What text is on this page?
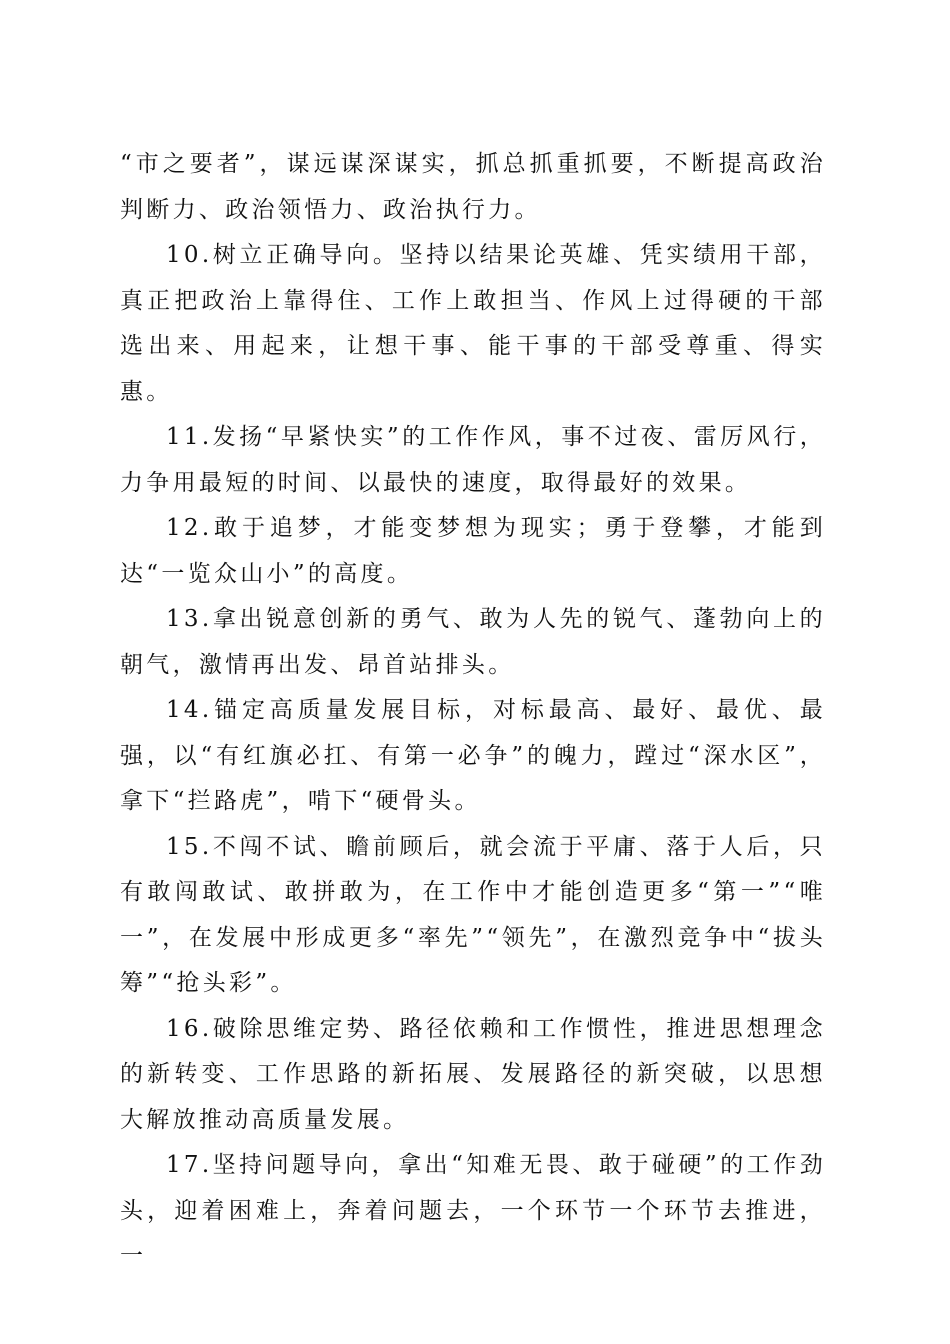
“市之要者”，谋远谋深谋实，抓总抓重抓要，不断提高政治判断力、政治领悟力、政治执行力。

10.树立正确导向。坚持以结果论英雄、凭实绩用干部，真正把政治上靠得住、工作上敢担当、作风上过得硬的干部选出来、用起来，让想干事、能干事的干部受尊重、得实惠。

11.发扬“早紧快实”的工作作风，事不过夜、雷厉风行，力争用最短的时间、以最快的速度，取得最好的效果。

12.敢于追梦，才能变梦想为现实；勇于登攀，才能到达“一览众山小”的高度。

13.拿出锐意创新的勇气、敢为人先的锐气、蓬勃向上的朝气，激情再出发、昂首站排头。

14.锚定高质量发展目标，对标最高、最好、最优、最强，以“有红旗必扛、有第一必争”的魄力，蹚过“深水区”，拿下“拦路虎”，啃下“硬骨头。

15.不闯不试、瞻前顾后，就会流于平庸、落于人后，只有敢闯敢试、敢拼敢为，在工作中才能创造更多“第一”“唯一”，在发展中形成更多“率先”“领先”，在激烈竞争中“拔头筹”“抢头彩”。

16.破除思维定势、路径依赖和工作惯性，推进思想理念的新转变、工作思路的新拓展、发展路径的新突破，以思想大解放推动高质量发展。

17.坚持问题导向，拿出“知难无畏、敢于碰硬”的工作劲头，迎着困难上，奔着问题去，一个环节一个环节去推进，一
